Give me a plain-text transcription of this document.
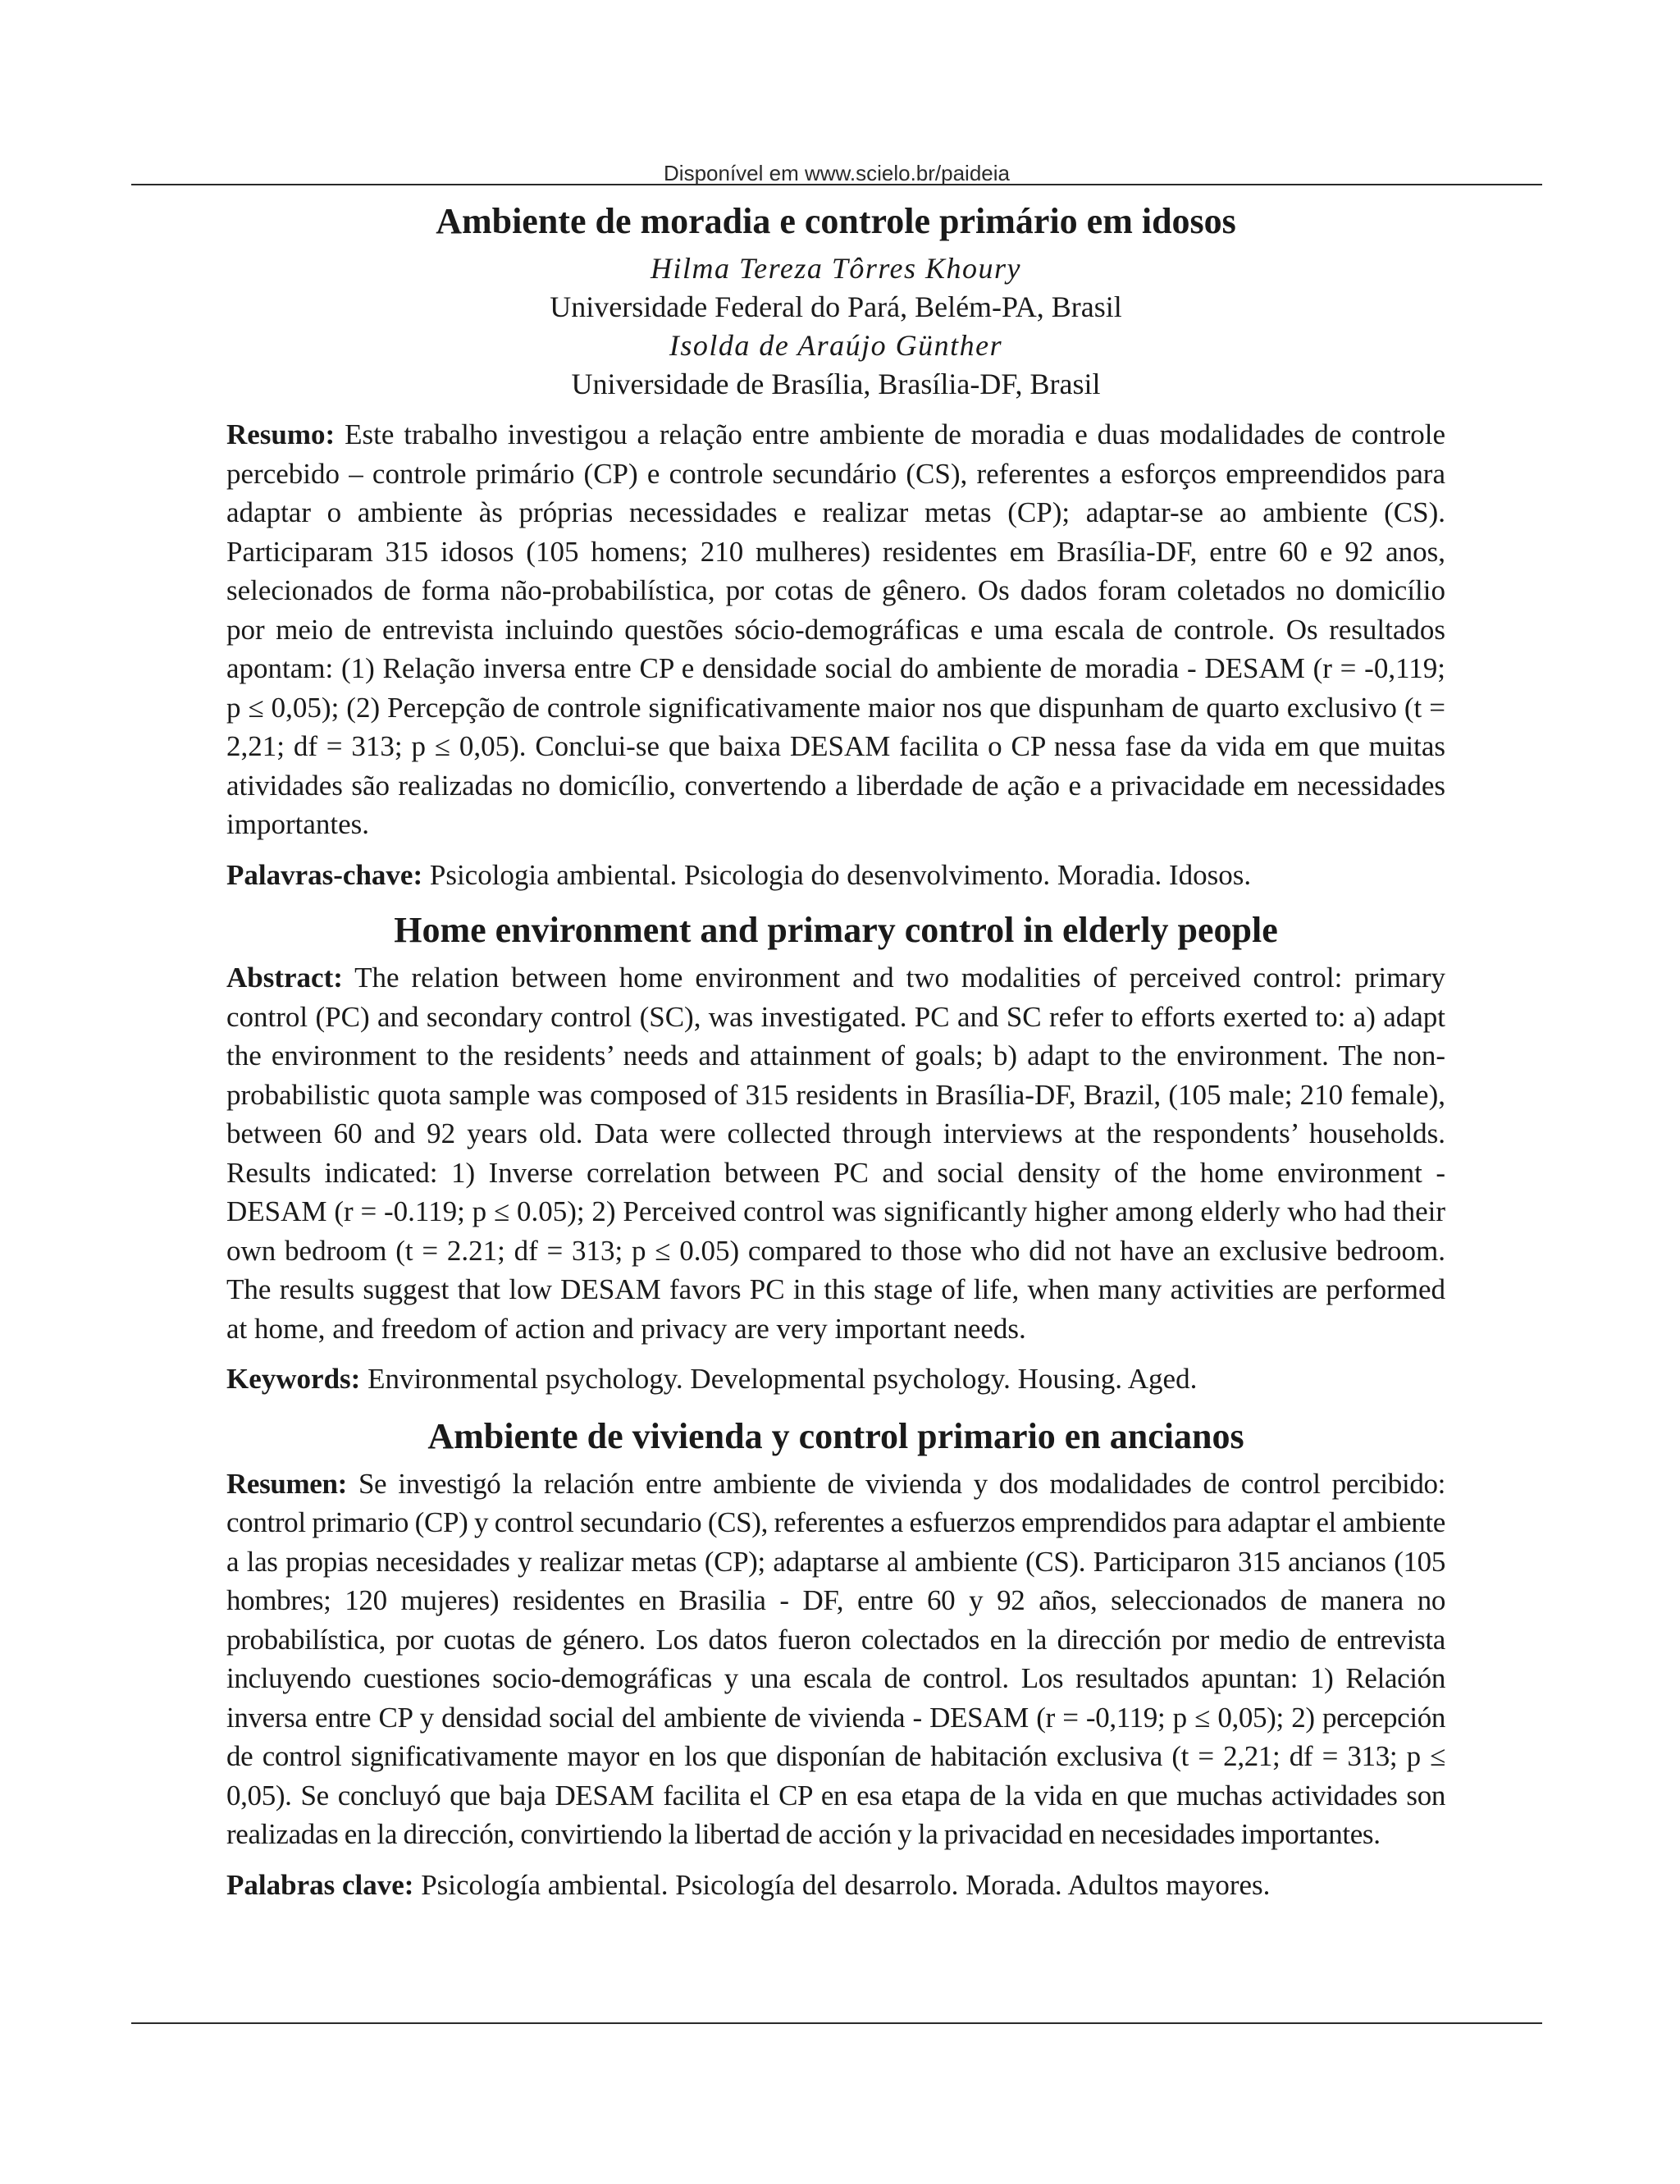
Disponível em www.scielo.br/paideia
Ambiente de moradia e controle primário em idosos
Hilma Tereza Tôrres Khoury
Universidade Federal do Pará, Belém-PA, Brasil
Isolda de Araújo Günther
Universidade de Brasília, Brasília-DF, Brasil

Resumo: Este trabalho investigou a relação entre ambiente de moradia e duas modalidades de controle percebido – controle primário (CP) e controle secundário (CS), referentes a esforços empreendidos para adaptar o ambiente às próprias necessidades e realizar metas (CP); adaptar-se ao ambiente (CS). Participaram 315 idosos (105 homens; 210 mulheres) residentes em Brasília-DF, entre 60 e 92 anos, selecionados de forma não-probabilística, por cotas de gênero. Os dados foram coletados no domicílio por meio de entrevista incluindo questões sócio-demográficas e uma escala de controle. Os resultados apontam: (1) Relação inversa entre CP e densidade social do ambiente de moradia - DESAM (r = -0,119; p ≤ 0,05); (2) Percepção de controle significativamente maior nos que dispunham de quarto exclusivo (t = 2,21; df = 313; p ≤ 0,05). Conclui-se que baixa DESAM facilita o CP nessa fase da vida em que muitas atividades são realizadas no domicílio, convertendo a liberdade de ação e a privacidade em necessidades importantes.

Palavras-chave: Psicologia ambiental. Psicologia do desenvolvimento. Moradia. Idosos.

Home environment and primary control in elderly people

Abstract: The relation between home environment and two modalities of perceived control: primary control (PC) and secondary control (SC), was investigated. PC and SC refer to efforts exerted to: a) adapt the environment to the residents’ needs and attainment of goals; b) adapt to the environment. The non-probabilistic quota sample was composed of 315 residents in Brasília-DF, Brazil, (105 male; 210 female), between 60 and 92 years old. Data were collected through interviews at the respondents’ households. Results indicated: 1) Inverse correlation between PC and social density of the home environment - DESAM (r = -0.119; p ≤ 0.05); 2) Perceived control was significantly higher among elderly who had their own bedroom (t = 2.21; df = 313; p ≤ 0.05) compared to those who did not have an exclusive bedroom. The results suggest that low DESAM favors PC in this stage of life, when many activities are performed at home, and freedom of action and privacy are very important needs.

Keywords: Environmental psychology. Developmental psychology. Housing. Aged.

Ambiente de vivienda y control primario en ancianos

Resumen: Se investigó la relación entre ambiente de vivienda y dos modalidades de control percibido: control primario (CP) y control secundario (CS), referentes a esfuerzos emprendidos para adaptar el ambiente a las propias necesidades y realizar metas (CP); adaptarse al ambiente (CS). Participaron 315 ancianos (105 hombres; 120 mujeres) residentes en Brasilia - DF, entre 60 y 92 años, seleccionados de manera no probabilística, por cuotas de género. Los datos fueron colectados en la dirección por medio de entrevista incluyendo cuestiones socio-demográficas y una escala de control. Los resultados apuntan: 1) Relación inversa entre CP y densidad social del ambiente de vivienda - DESAM (r = -0,119; p ≤ 0,05); 2) percepción de control significativamente mayor en los que disponían de habitación exclusiva (t = 2,21; df = 313; p ≤ 0,05). Se concluyó que baja DESAM facilita el CP en esa etapa de la vida en que muchas actividades son realizadas en la dirección, convirtiendo la libertad de acción y la privacidad en necesidades importantes.

Palabras clave: Psicología ambiental. Psicología del desarrolo. Morada. Adultos mayores.
